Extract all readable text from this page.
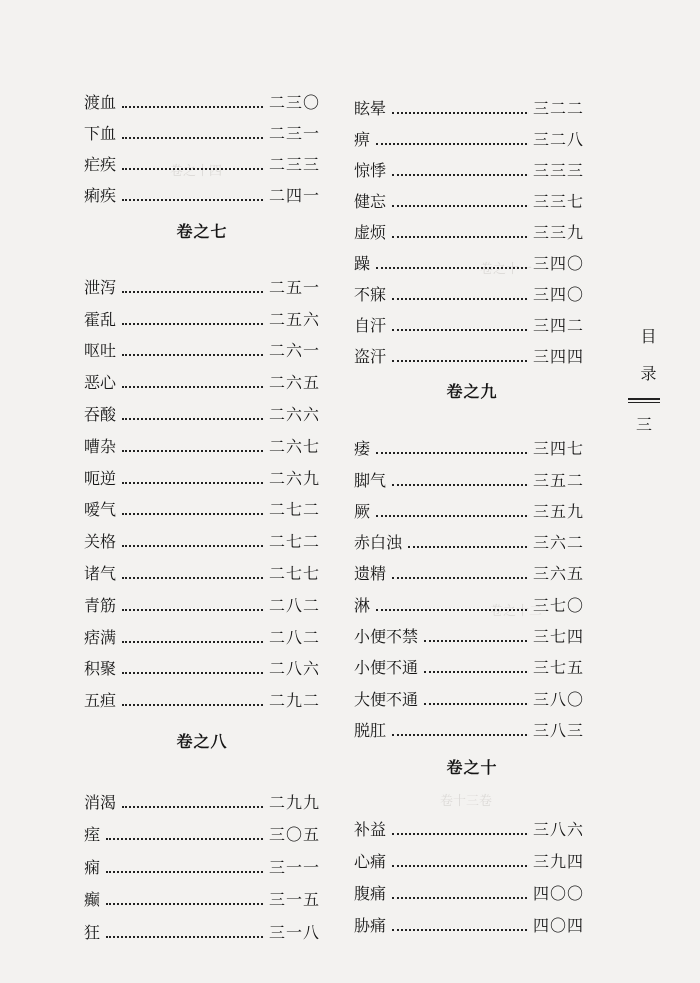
卷之十四
卷之十一
卷之十二
卷十三卷
渡血	二三〇
下血	二三一
疟疾	二三三
痢疾	二四一
卷之七
泄泻	二五一
霍乱	二五六
呕吐	二六一
恶心	二六五
吞酸	二六六
嘈杂	二六七
呃逆	二六九
嗳气	二七二
关格	二七二
诸气	二七七
青筋	二八二
痞满	二八二
积聚	二八六
五疸	二九二
卷之八
消渴	二九九
痓	三〇五
痫	三一一
癫	三一五
狂	三一八
眩晕	三二二
痹	三二八
惊悸	三三三
健忘	三三七
虚烦	三三九
躁	三四〇
不寐	三四〇
自汗	三四二
盗汗	三四四
卷之九
痿	三四七
脚气	三五二
厥	三五九
赤白浊	三六二
遗精	三六五
淋	三七〇
小便不禁	三七四
小便不通	三七五
大便不通	三八〇
脱肛	三八三
卷之十
补益	三八六
心痛	三九四
腹痛	四〇〇
胁痛	四〇四
目 录
三
